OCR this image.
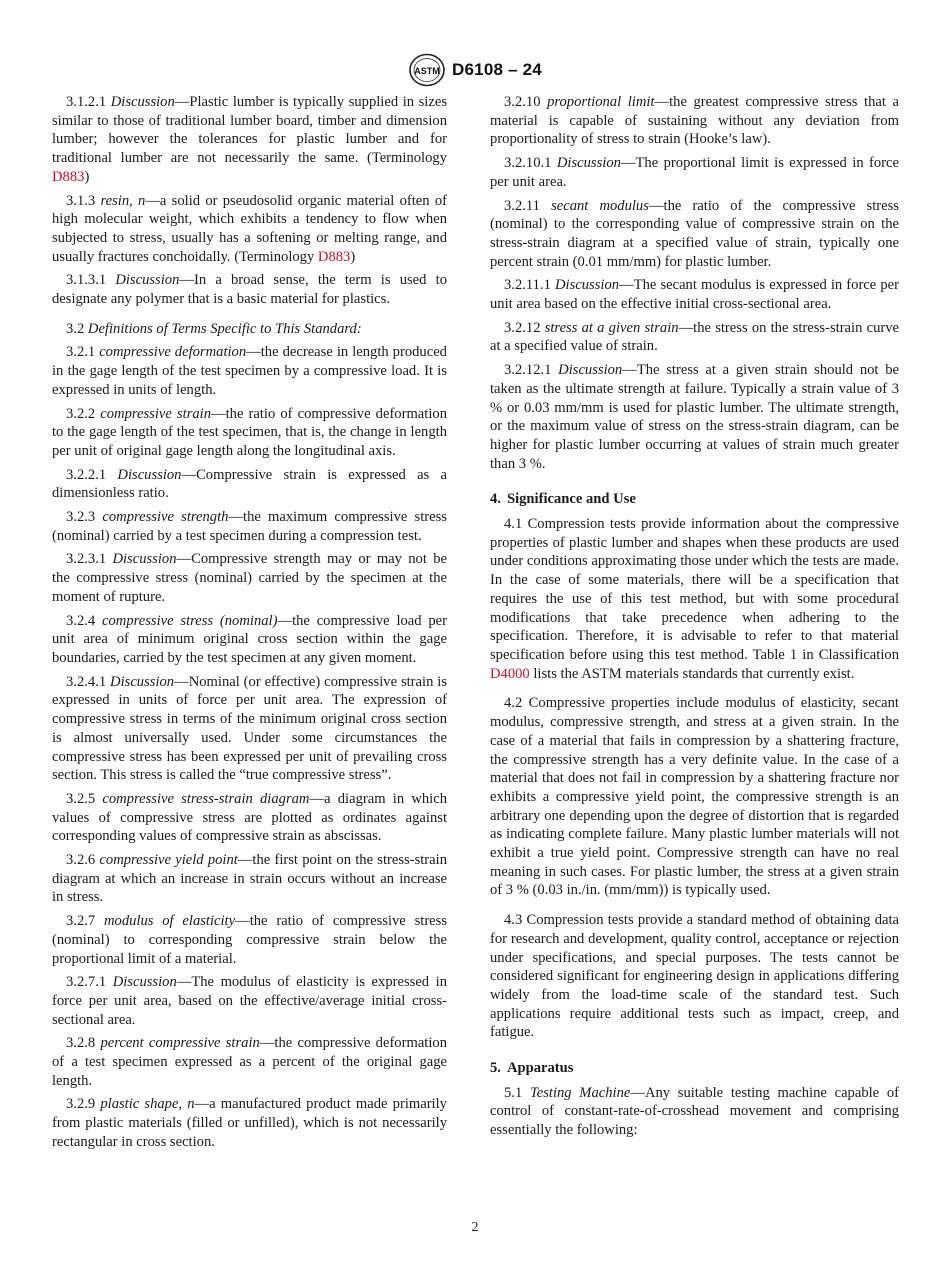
ASTM D6108 – 24

3.1.2.1 Discussion—Plastic lumber is typically supplied in sizes similar to those of traditional lumber board, timber and dimension lumber; however the tolerances for plastic lumber and for traditional lumber are not necessarily the same. (Terminology D883)

3.1.3 resin, n—a solid or pseudosolid organic material often of high molecular weight, which exhibits a tendency to flow when subjected to stress, usually has a softening or melting range, and usually fractures conchoidally. (Terminology D883)

3.1.3.1 Discussion—In a broad sense, the term is used to designate any polymer that is a basic material for plastics.

3.2 Definitions of Terms Specific to This Standard:

3.2.1 compressive deformation—the decrease in length produced in the gage length of the test specimen by a compressive load. It is expressed in units of length.

3.2.2 compressive strain—the ratio of compressive deformation to the gage length of the test specimen, that is, the change in length per unit of original gage length along the longitudinal axis.

3.2.2.1 Discussion—Compressive strain is expressed as a dimensionless ratio.

3.2.3 compressive strength—the maximum compressive stress (nominal) carried by a test specimen during a compression test.

3.2.3.1 Discussion—Compressive strength may or may not be the compressive stress (nominal) carried by the specimen at the moment of rupture.

3.2.4 compressive stress (nominal)—the compressive load per unit area of minimum original cross section within the gage boundaries, carried by the test specimen at any given moment.

3.2.4.1 Discussion—Nominal (or effective) compressive strain is expressed in units of force per unit area. The expression of compressive stress in terms of the minimum original cross section is almost universally used. Under some circumstances the compressive stress has been expressed per unit of prevailing cross section. This stress is called the “true compressive stress”.

3.2.5 compressive stress-strain diagram—a diagram in which values of compressive stress are plotted as ordinates against corresponding values of compressive strain as abscissas.

3.2.6 compressive yield point—the first point on the stress-strain diagram at which an increase in strain occurs without an increase in stress.

3.2.7 modulus of elasticity—the ratio of compressive stress (nominal) to corresponding compressive strain below the proportional limit of a material.

3.2.7.1 Discussion—The modulus of elasticity is expressed in force per unit area, based on the effective/average initial cross-sectional area.

3.2.8 percent compressive strain—the compressive deformation of a test specimen expressed as a percent of the original gage length.

3.2.9 plastic shape, n—a manufactured product made primarily from plastic materials (filled or unfilled), which is not necessarily rectangular in cross section.

3.2.10 proportional limit—the greatest compressive stress that a material is capable of sustaining without any deviation from proportionality of stress to strain (Hooke’s law).

3.2.10.1 Discussion—The proportional limit is expressed in force per unit area.

3.2.11 secant modulus—the ratio of the compressive stress (nominal) to the corresponding value of compressive strain on the stress-strain diagram at a specified value of strain, typically one percent strain (0.01 mm/mm) for plastic lumber.

3.2.11.1 Discussion—The secant modulus is expressed in force per unit area based on the effective initial cross-sectional area.

3.2.12 stress at a given strain—the stress on the stress-strain curve at a specified value of strain.

3.2.12.1 Discussion—The stress at a given strain should not be taken as the ultimate strength at failure. Typically a strain value of 3 % or 0.03 mm/mm is used for plastic lumber. The ultimate strength, or the maximum value of stress on the stress-strain diagram, can be higher for plastic lumber occurring at values of strain much greater than 3 %.

4. Significance and Use

4.1 Compression tests provide information about the compressive properties of plastic lumber and shapes when these products are used under conditions approximating those under which the tests are made. In the case of some materials, there will be a specification that requires the use of this test method, but with some procedural modifications that take precedence when adhering to the specification. Therefore, it is advisable to refer to that material specification before using this test method. Table 1 in Classification D4000 lists the ASTM materials standards that currently exist.

4.2 Compressive properties include modulus of elasticity, secant modulus, compressive strength, and stress at a given strain. In the case of a material that fails in compression by a shattering fracture, the compressive strength has a very definite value. In the case of a material that does not fail in compression by a shattering fracture nor exhibits a compressive yield point, the compressive strength is an arbitrary one depending upon the degree of distortion that is regarded as indicating complete failure. Many plastic lumber materials will not exhibit a true yield point. Compressive strength can have no real meaning in such cases. For plastic lumber, the stress at a given strain of 3 % (0.03 in./in. (mm/mm)) is typically used.

4.3 Compression tests provide a standard method of obtaining data for research and development, quality control, acceptance or rejection under specifications, and special purposes. The tests cannot be considered significant for engineering design in applications differing widely from the load-time scale of the standard test. Such applications require additional tests such as impact, creep, and fatigue.

5. Apparatus

5.1 Testing Machine—Any suitable testing machine capable of control of constant-rate-of-crosshead movement and comprising essentially the following:

2
